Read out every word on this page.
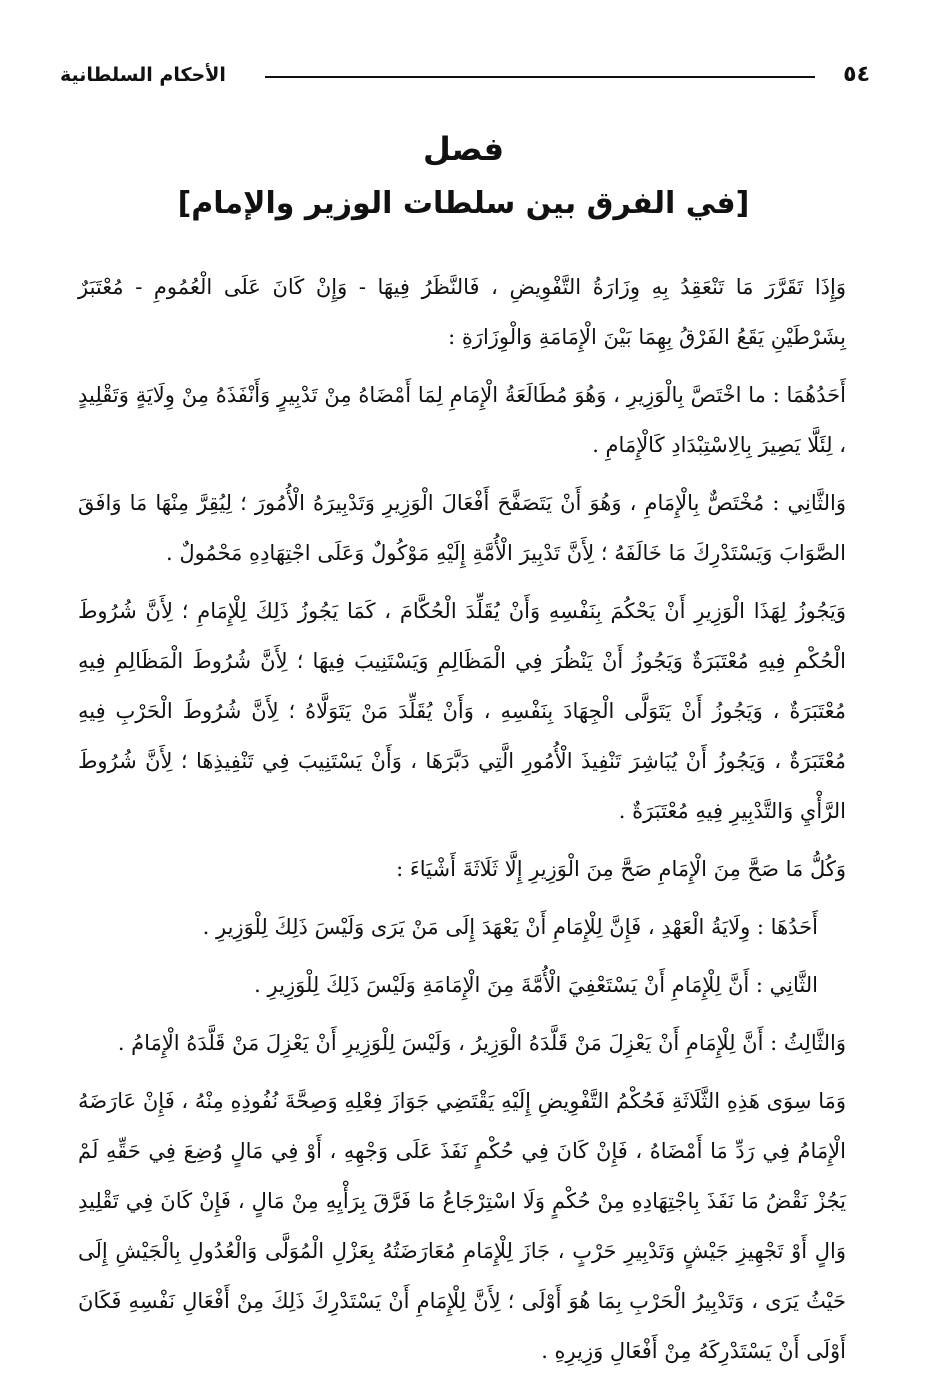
٥٤
الأحكام السلطانية
فصل
[في الفرق بين سلطات الوزير والإمام]

وَإِذَا تَقَرَّرَ مَا تَنْعَقِدُ بِهِ وِزَارَةُ التَّفْوِيضِ ، فَالنَّظَرُ فِيهَا - وَإِنْ كَانَ عَلَى الْعُمُومِ - مُعْتَبَرٌ بِشَرْطَيْنِ يَقَعُ الفَرْقُ بِهِمَا بَيْنَ الْإِمَامَةِ وَالْوِزَارَةِ :

أَحَدُهُمَا : ما اخْتَصَّ بِالْوَزِيرِ ، وَهُوَ مُطَالَعَةُ الْإِمَامِ لِمَا أَمْضَاهُ مِنْ تَدْبِيرٍ وَأَنْفَذَهُ مِنْ وِلَايَةٍ وَتَقْلِيدٍ ، لِئَلَّا يَصِيرَ بِالِاسْتِبْدَادِ كَالْإِمَامِ .

وَالثَّانِي : مُخْتَصٌّ بِالْإِمَامِ ، وَهُوَ أَنْ يَتَصَفَّحَ أَفْعَالَ الْوَزِيرِ وَتَدْبِيرَهُ الْأُمُورَ ؛ لِيُقِرَّ مِنْهَا مَا وَافَقَ الصَّوَابَ وَيَسْتَدْرِكَ مَا خَالَفَهُ ؛ لِأَنَّ تَدْبِيرَ الْأُمَّةِ إِلَيْهِ مَوْكُولٌ وَعَلَى اجْتِهَادِهِ مَحْمُولٌ .

وَيَجُوزُ لِهَذَا الْوَزِيرِ أَنْ يَحْكُمَ بِنَفْسِهِ وَأَنْ يُقَلِّدَ الْحُكَّامَ ، كَمَا يَجُوزُ ذَلِكَ لِلْإِمَامِ ؛ لِأَنَّ شُرُوطَ الْحُكْمِ فِيهِ مُعْتَبَرَةٌ وَيَجُوزُ أَنْ يَنْظُرَ فِي الْمَظَالِمِ وَيَسْتَنِيبَ فِيهَا ؛ لِأَنَّ شُرُوطَ الْمَظَالِمِ فِيهِ مُعْتَبَرَةٌ ، وَيَجُوزُ أَنْ يَتَوَلَّى الْجِهَادَ بِنَفْسِهِ ، وَأَنْ يُقَلِّدَ مَنْ يَتَوَلَّاهُ ؛ لِأَنَّ شُرُوطَ الْحَرْبِ فِيهِ مُعْتَبَرَةٌ ، وَيَجُوزُ أَنْ يُبَاشِرَ تَنْفِيذَ الْأُمُورِ الَّتِي دَبَّرَهَا ، وَأَنْ يَسْتَنِيبَ فِي تَنْفِيذِهَا ؛ لِأَنَّ شُرُوطَ الرَّأْيِ وَالتَّدْبِيرِ فِيهِ مُعْتَبَرَةٌ .

وَكُلُّ مَا صَحَّ مِنَ الْإِمَامِ صَحَّ مِنَ الْوَزِيرِ إِلَّا ثَلَاثَةَ أَشْيَاءَ :

أَحَدُهَا : وِلَايَةُ الْعَهْدِ ، فَإِنَّ لِلْإِمَامِ أَنْ يَعْهَدَ إِلَى مَنْ يَرَى وَلَيْسَ ذَلِكَ لِلْوَزِيرِ .

الثَّانِي : أَنَّ لِلْإِمَامِ أَنْ يَسْتَعْفِيَ الْأُمَّةَ مِنَ الْإِمَامَةِ وَلَيْسَ ذَلِكَ لِلْوَزِيرِ .

وَالثَّالِثُ : أَنَّ لِلْإِمَامِ أَنْ يَعْزِلَ مَنْ قَلَّدَهُ الْوَزِيرُ ، وَلَيْسَ لِلْوَزِيرِ أَنْ يَعْزِلَ مَنْ قَلَّدَهُ الْإِمَامُ .

وَمَا سِوَى هَذِهِ الثَّلَاثَةِ فَحُكْمُ التَّفْوِيضِ إِلَيْهِ يَقْتَضِي جَوَازَ فِعْلِهِ وَصِحَّةَ نُفُوذِهِ مِنْهُ ، فَإِنْ عَارَضَهُ الْإِمَامُ فِي رَدِّ مَا أَمْضَاهُ ، فَإِنْ كَانَ فِي حُكْمٍ نَفَذَ عَلَى وَجْهِهِ ، أَوْ فِي مَالٍ وُضِعَ فِي حَقِّهِ لَمْ يَجُزْ نَقْضُ مَا نَفَذَ بِاجْتِهَادِهِ مِنْ حُكْمٍ وَلَا اسْتِرْجَاعُ مَا فَرَّقَ بِرَأْيِهِ مِنْ مَالٍ ، فَإِنْ كَانَ فِي تَقْلِيدِ وَالٍ أَوْ تَجْهِيزِ جَيْشٍ وَتَدْبِيرِ حَرْبٍ ، جَازَ لِلْإِمَامِ مُعَارَضَتُهُ بِعَزْلِ الْمُوَلَّى وَالْعُدُولِ بِالْجَيْشِ إِلَى حَيْثُ يَرَى ، وَتَدْبِيرُ الْحَرْبِ بِمَا هُوَ أَوْلَى ؛ لِأَنَّ لِلْإِمَامِ أَنْ يَسْتَدْرِكَ ذَلِكَ مِنْ أَفْعَالِ نَفْسِهِ فَكَانَ أَوْلَى أَنْ يَسْتَدْرِكَهُ مِنْ أَفْعَالِ وَزِيرِهِ .
